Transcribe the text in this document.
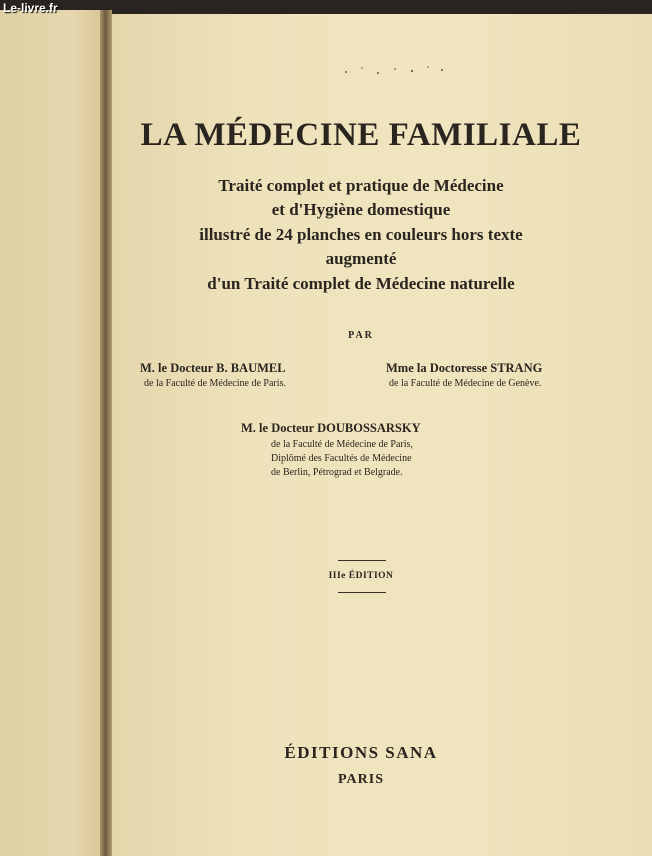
Le-livre.fr
LA MÉDECINE FAMILIALE
Traité complet et pratique de Médecine
et d'Hygiène domestique
illustré de 24 planches en couleurs hors texte
augmenté
d'un Traité complet de Médecine naturelle
PAR
M. le Docteur B. BAUMEL
de la Faculté de Médecine de Paris.
Mme la Doctoresse STRANG
de la Faculté de Médecine de Genève.
M. le Docteur DOUBOSSARSKY
de la Faculté de Médecine de Paris,
Diplômé des Facultés de Médecine
de Berlin, Pétrograd et Belgrade.
IIIe ÉDITION
ÉDITIONS SANA
PARIS
